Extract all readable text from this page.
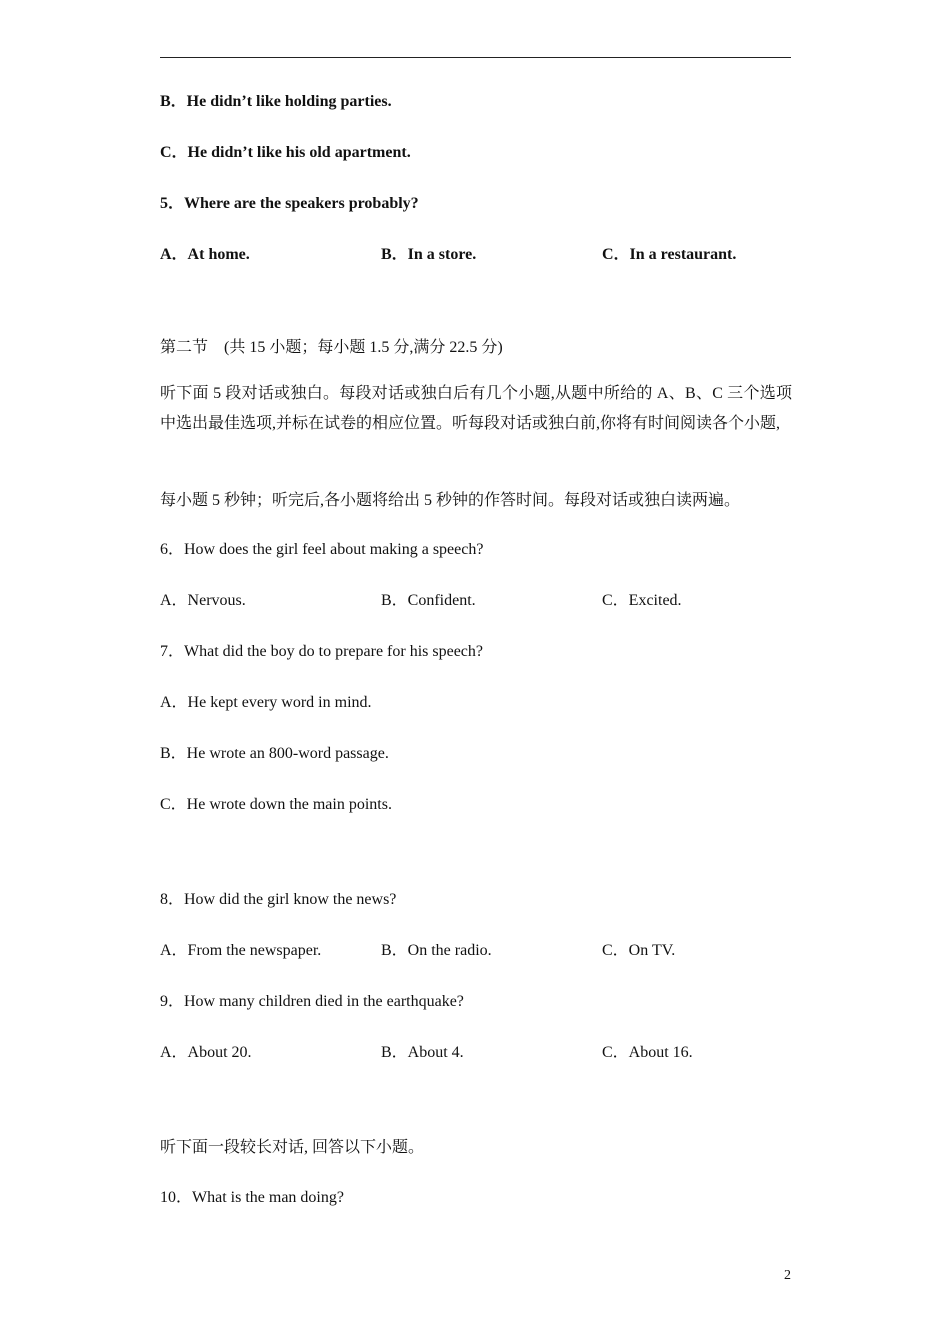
B．He didn’t like holding parties.
C．He didn’t like his old apartment.
5．Where are the speakers probably?
A．At home.	B．In a store.	C．In a restaurant.
第二节　(共 15 小题；每小题 1.5 分,满分 22.5 分)
听下面 5 段对话或独白。每段对话或独白后有几个小题,从题中所给的 A、B、C 三个选项中选出最佳选项,并标在试卷的相应位置。听每段对话或独白前,你将有时间阅读各个小题,
每小题 5 秒钟；听完后,各小题将给出 5 秒钟的作答时间。每段对话或独白读两遍。
6．How does the girl feel about making a speech?
A．Nervous.	B．Confident.	C．Excited.
7．What did the boy do to prepare for his speech?
A．He kept every word in mind.
B．He wrote an 800-word passage.
C．He wrote down the main points.
8．How did the girl know the news?
A．From the newspaper.	B．On the radio.	C．On TV.
9．How many children died in the earthquake?
A．About 20.	B．About 4.	C．About 16.
听下面一段较长对话, 回答以下小题。
10．What is the man doing?
2
